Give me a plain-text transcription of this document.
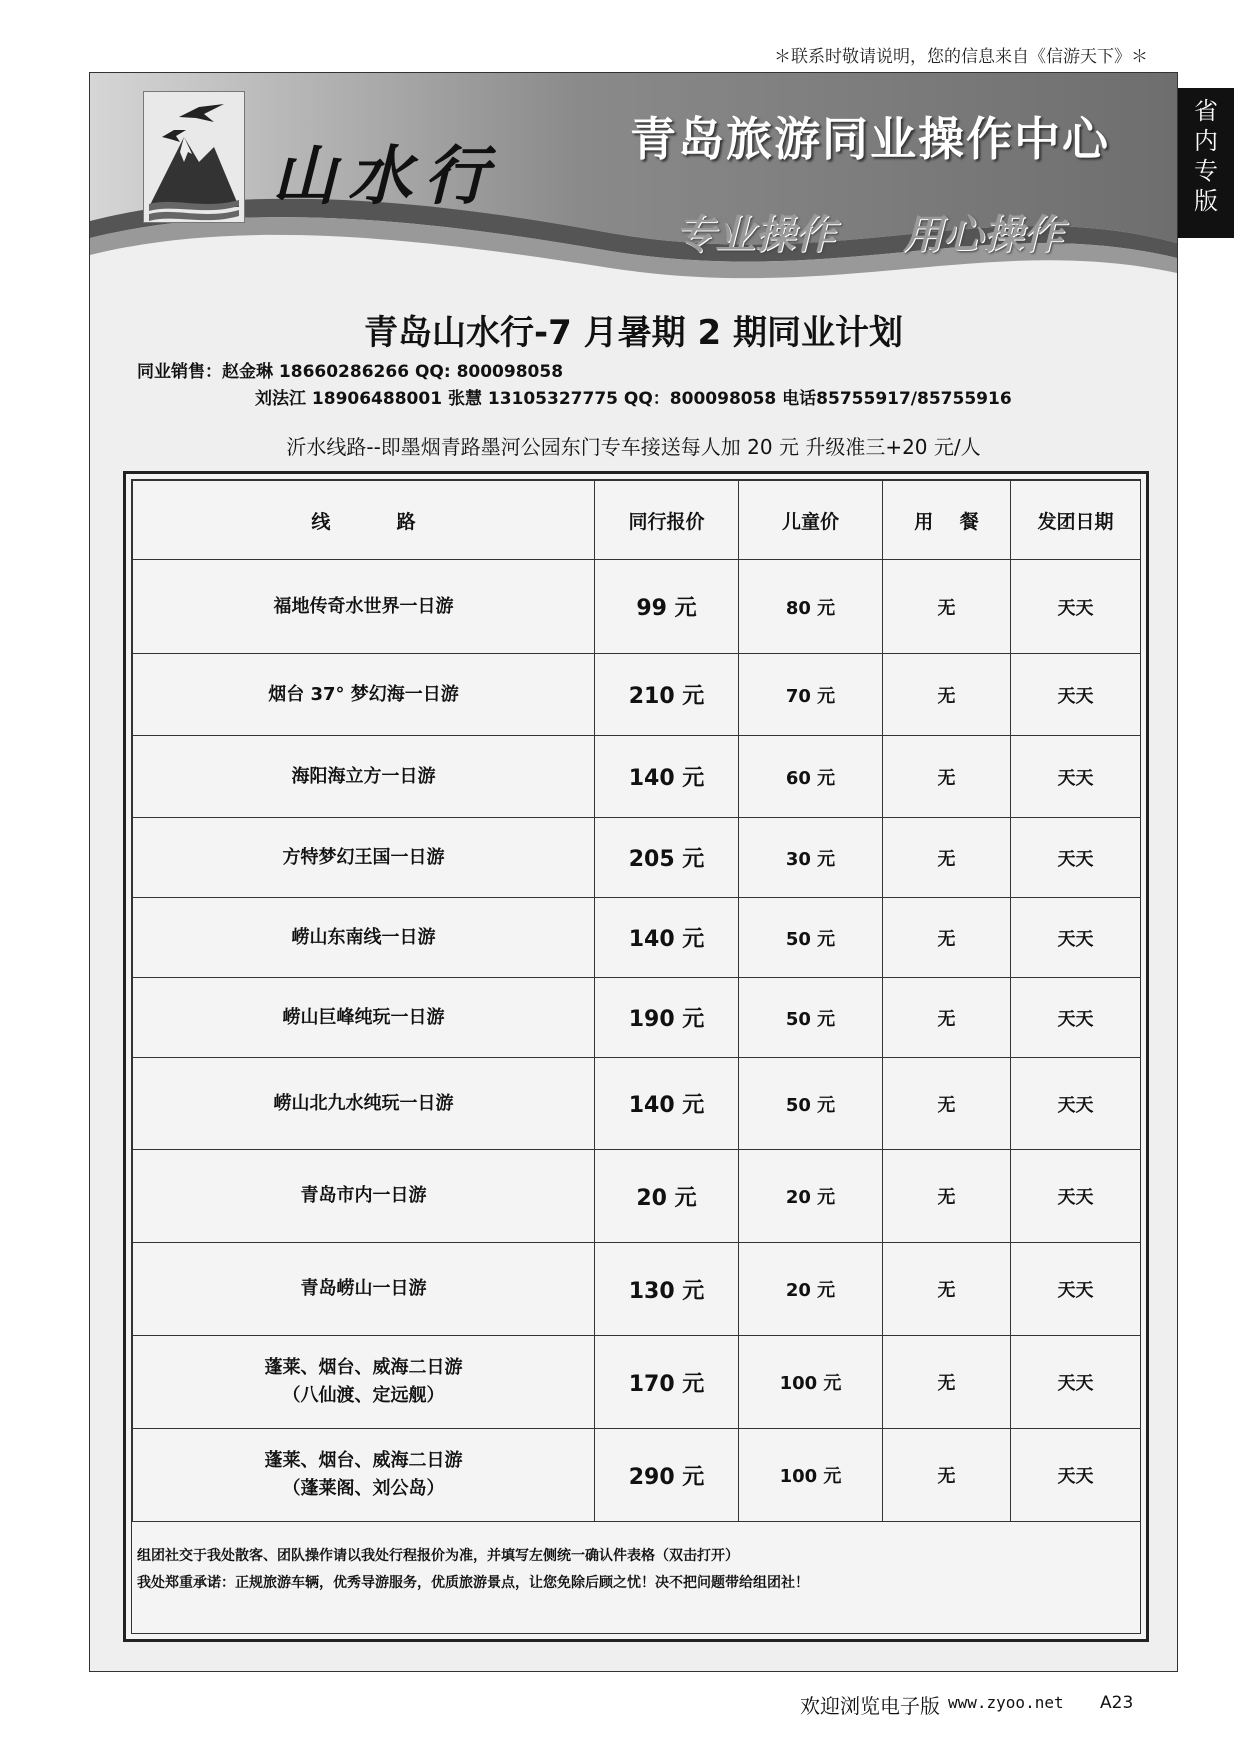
＊联系时敬请说明，您的信息来自《信游天下》＊
省
内
专
版
山水行	青岛旅游同业操作中心
专业操作 用心操作
青岛山水行-7 月暑期 2 期同业计划
同业销售：赵金琳 18660286266 QQ: 800098058
刘法江 18906488001 张慧 13105327775 QQ：800098058 电话85755917/85755916
沂水线路--即墨烟青路墨河公园东门专车接送每人加 20 元 升级准三+20 元/人
线          路	同行报价	儿童价	用    餐	发团日期
福地传奇水世界一日游	99 元	80 元	无	天天
烟台 37° 梦幻海一日游	210 元	70 元	无	天天
海阳海立方一日游	140 元	60 元	无	天天
方特梦幻王国一日游	205 元	30 元	无	天天
崂山东南线一日游	140 元	50 元	无	天天
崂山巨峰纯玩一日游	190 元	50 元	无	天天
崂山北九水纯玩一日游	140 元	50 元	无	天天
青岛市内一日游	20 元	20 元	无	天天
青岛崂山一日游	130 元	20 元	无	天天

蓬莱、烟台、威海二日游
（八仙渡、定远舰）	170 元	100 元	无	天天

蓬莱、烟台、威海二日游
（蓬莱阁、刘公岛）	290 元	100 元	无	天天
组团社交于我处散客、团队操作请以我处行程报价为准，并填写左侧统一确认件表格（双击打开）
我处郑重承诺：正规旅游车辆，优秀导游服务，优质旅游景点，让您免除后顾之忧！决不把问题带给组团社！
欢迎浏览电子版 www.zyoo.net A23
